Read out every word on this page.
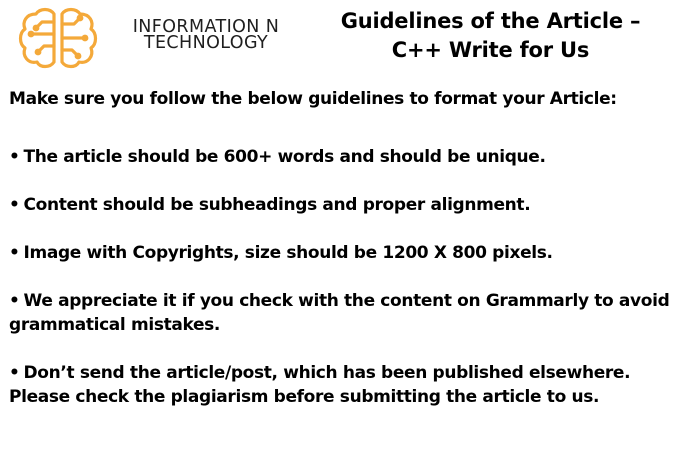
INFORMATION N
TECHNOLOGY
Guidelines of the Article –
C++ Write for Us
Make sure you follow the below guidelines to format your Article:
• The article should be 600+ words and should be unique.
• Content should be subheadings and proper alignment.
• Image with Copyrights, size should be 1200 X 800 pixels.
• We appreciate it if you check with the content on Grammarly to avoid grammatical mistakes.
• Don’t send the article/post, which has been published elsewhere. Please check the plagiarism before submitting the article to us.
